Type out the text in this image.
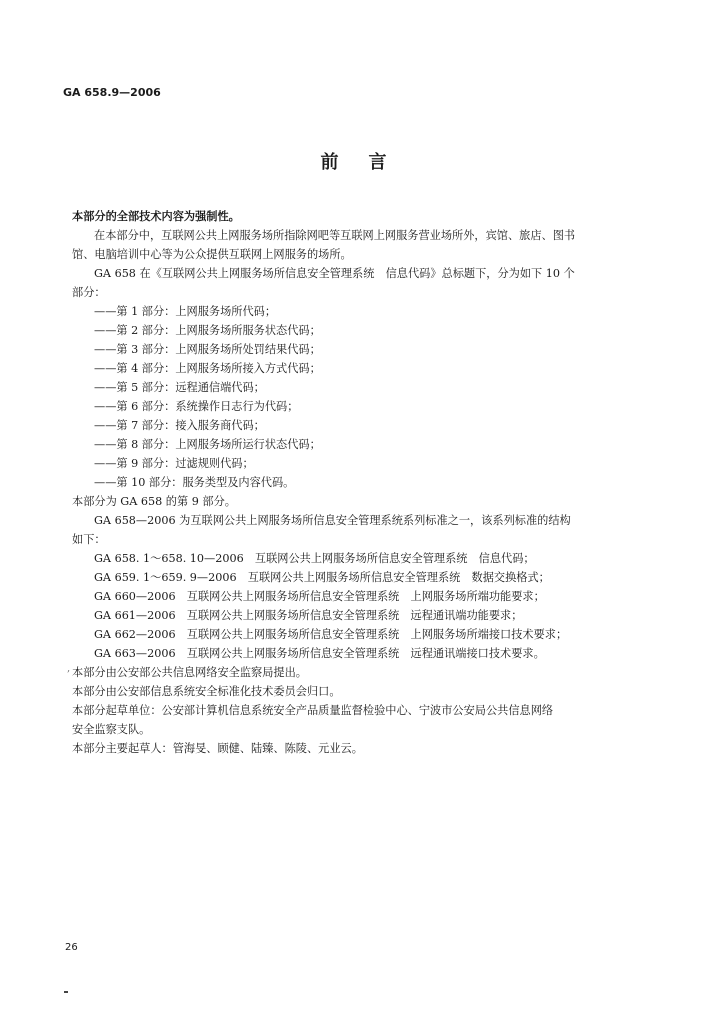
GA 658.9—2006
前言
本部分的全部技术内容为强制性。
在本部分中，互联网公共上网服务场所指除网吧等互联网上网服务营业场所外，宾馆、旅店、图书
馆、电脑培训中心等为公众提供互联网上网服务的场所。
GA 658 在《互联网公共上网服务场所信息安全管理系统　信息代码》总标题下，分为如下 10 个
部分：
——第 1 部分：上网服务场所代码；
——第 2 部分：上网服务场所服务状态代码；
——第 3 部分：上网服务场所处罚结果代码；
——第 4 部分：上网服务场所接入方式代码；
——第 5 部分：远程通信端代码；
——第 6 部分：系统操作日志行为代码；
——第 7 部分：接入服务商代码；
——第 8 部分：上网服务场所运行状态代码；
——第 9 部分：过滤规则代码；
——第 10 部分：服务类型及内容代码。
本部分为 GA 658 的第 9 部分。
GA 658—2006 为互联网公共上网服务场所信息安全管理系统系列标准之一，该系列标准的结构
如下：
GA 658. 1～658. 10—2006　互联网公共上网服务场所信息安全管理系统　信息代码；
GA 659. 1～659. 9—2006　互联网公共上网服务场所信息安全管理系统　数据交换格式；
GA 660—2006　互联网公共上网服务场所信息安全管理系统　上网服务场所端功能要求；
GA 661—2006　互联网公共上网服务场所信息安全管理系统　远程通讯端功能要求；
GA 662—2006　互联网公共上网服务场所信息安全管理系统　上网服务场所端接口技术要求；
GA 663—2006　互联网公共上网服务场所信息安全管理系统　远程通讯端接口技术要求。
本部分由公安部公共信息网络安全监察局提出。
本部分由公安部信息系统安全标准化技术委员会归口。
本部分起草单位：公安部计算机信息系统安全产品质量监督检验中心、宁波市公安局公共信息网络
安全监察支队。
本部分主要起草人：管海旻、顾健、陆臻、陈陵、元业云。
,
26
